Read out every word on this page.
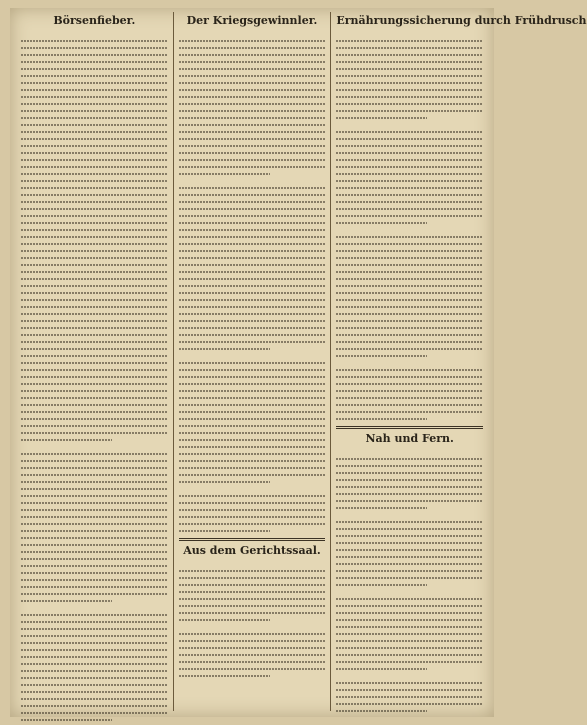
Börsenfieber.	Der Kriegsgewinnler.
Aus dem Gerichtssaal.
Ernährungssicherung durch Frühdrusch
Nah und Fern.
